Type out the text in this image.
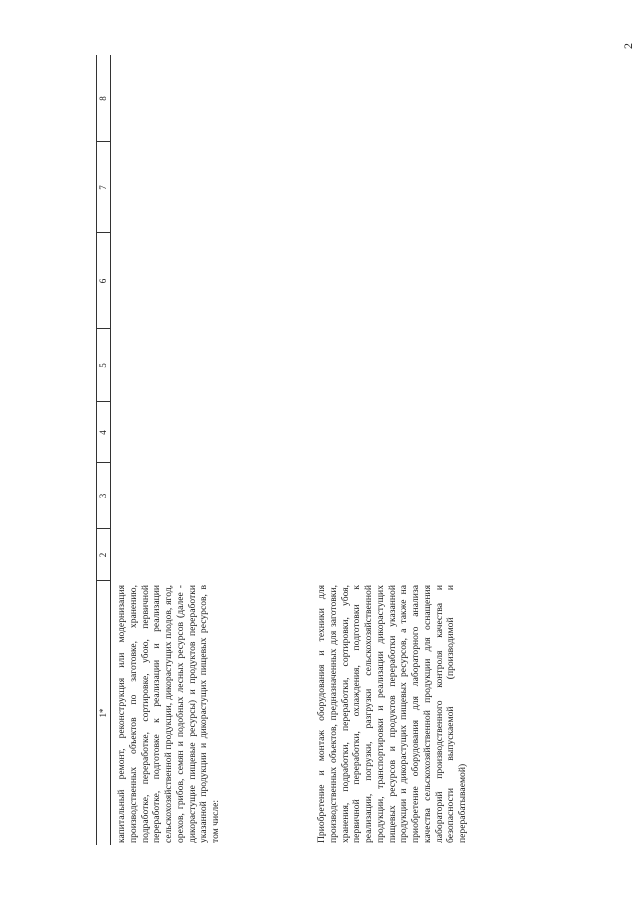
2
1*
2
3
4
5
6
7
8

капитальный ремонт, реконструкция или модернизация производственных объектов по заготовке, хранению, подработке, переработке, сортировке, убою, первичной переработке, подготовке к реализации и реализации сельскохозяйственной продукции, дикорастущих плодов, ягод, орехов, грибов, семян и подобных лесных ресурсов (далее - дикорастущие пищевые ресурсы) и продуктов переработки указанной продукции и дикорастущих пищевых ресурсов, в том числе:	Приобретение и монтаж оборудования и техники для производственных объектов, предназначенных для заготовки, хранения, подработки, переработки, сортировки, убоя, первичной переработки, охлаждения, подготовки к реализации, погрузки, разгрузки сельскохозяйственной продукции, транспортировки и реализации дикорастущих пищевых ресурсов и продуктов переработки указанной продукции и дикорастущих пищевых ресурсов, а также на приобретение оборудования для лабораторного анализа качества сельскохозяйственной продукции для оснащения лабораторий производственного контроля качества и безопасности выпускаемой (производимой и перерабатываемой)
